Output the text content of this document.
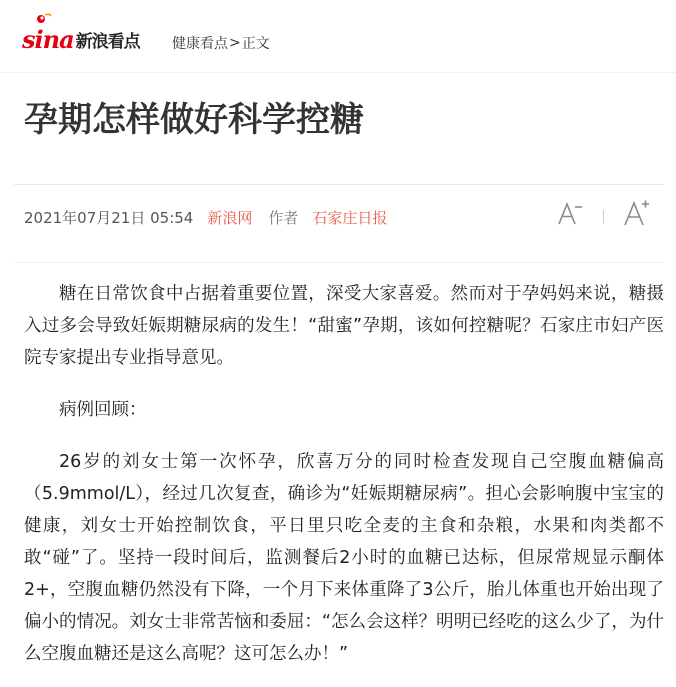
sina 新浪看点 健康看点 > 正文
孕期怎样做好科学控糖
2021年07月21日 05:54 新浪网 作者 石家庄日报

糖在日常饮食中占据着重要位置，深受大家喜爱。然而对于孕妈妈来说，糖摄入过多会导致妊娠期糖尿病的发生！“甜蜜”孕期，该如何控糖呢？石家庄市妇产医院专家提出专业指导意见。

病例回顾：

26岁的刘女士第一次怀孕，欣喜万分的同时检查发现自己空腹血糖偏高（5.9mmol/L），经过几次复查，确诊为“妊娠期糖尿病”。担心会影响腹中宝宝的健康，刘女士开始控制饮食，平日里只吃全麦的主食和杂粮，水果和肉类都不敢“碰”了。坚持一段时间后，监测餐后2小时的血糖已达标，但尿常规显示酮体2+，空腹血糖仍然没有下降，一个月下来体重降了3公斤，胎儿体重也开始出现了偏小的情况。刘女士非常苦恼和委屈：“怎么会这样？明明已经吃的这么少了，为什么空腹血糖还是这么高呢？这可怎么办！”
